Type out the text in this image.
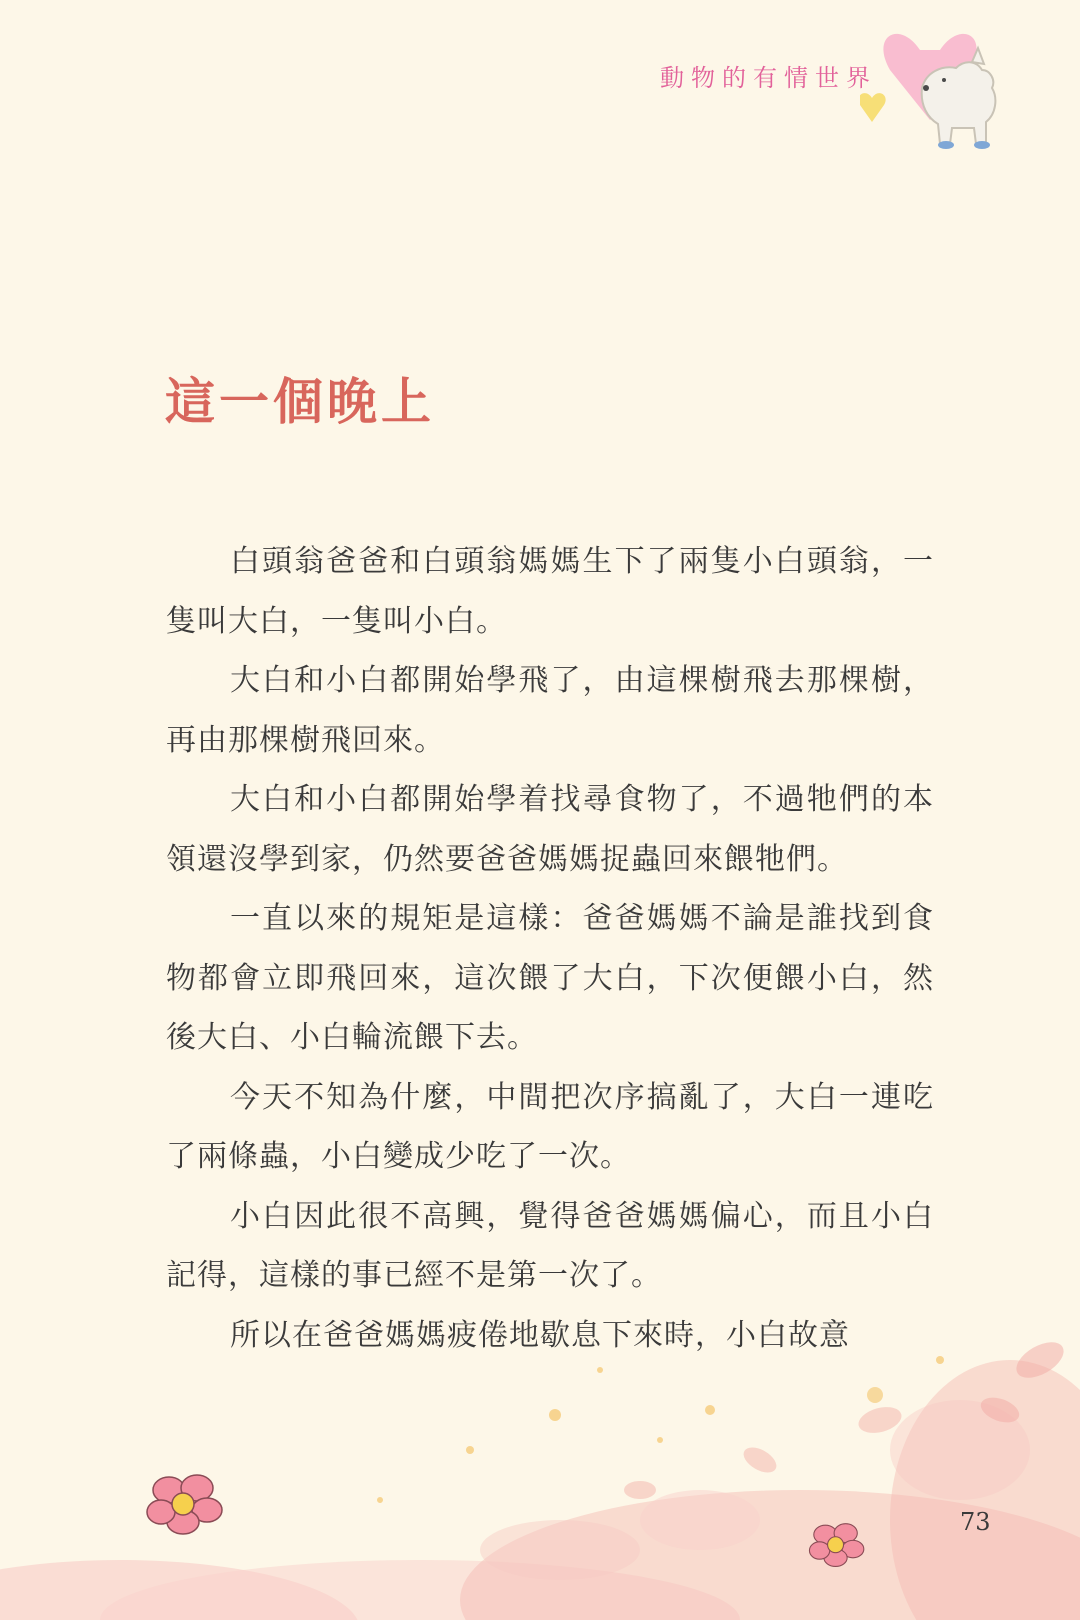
動物的有情世界
這一個晚上

白頭翁爸爸和白頭翁媽媽生下了兩隻小白頭翁，一隻叫大白，一隻叫小白。

大白和小白都開始學飛了，由這棵樹飛去那棵樹，再由那棵樹飛回來。

大白和小白都開始學着找尋食物了，不過牠們的本領還沒學到家，仍然要爸爸媽媽捉蟲回來餵牠們。

一直以來的規矩是這樣：爸爸媽媽不論是誰找到食物都會立即飛回來，這次餵了大白，下次便餵小白，然後大白、小白輪流餵下去。

今天不知為什麼，中間把次序搞亂了，大白一連吃了兩條蟲，小白變成少吃了一次。

小白因此很不高興，覺得爸爸媽媽偏心，而且小白記得，這樣的事已經不是第一次了。

所以在爸爸媽媽疲倦地歇息下來時，小白故意

73
